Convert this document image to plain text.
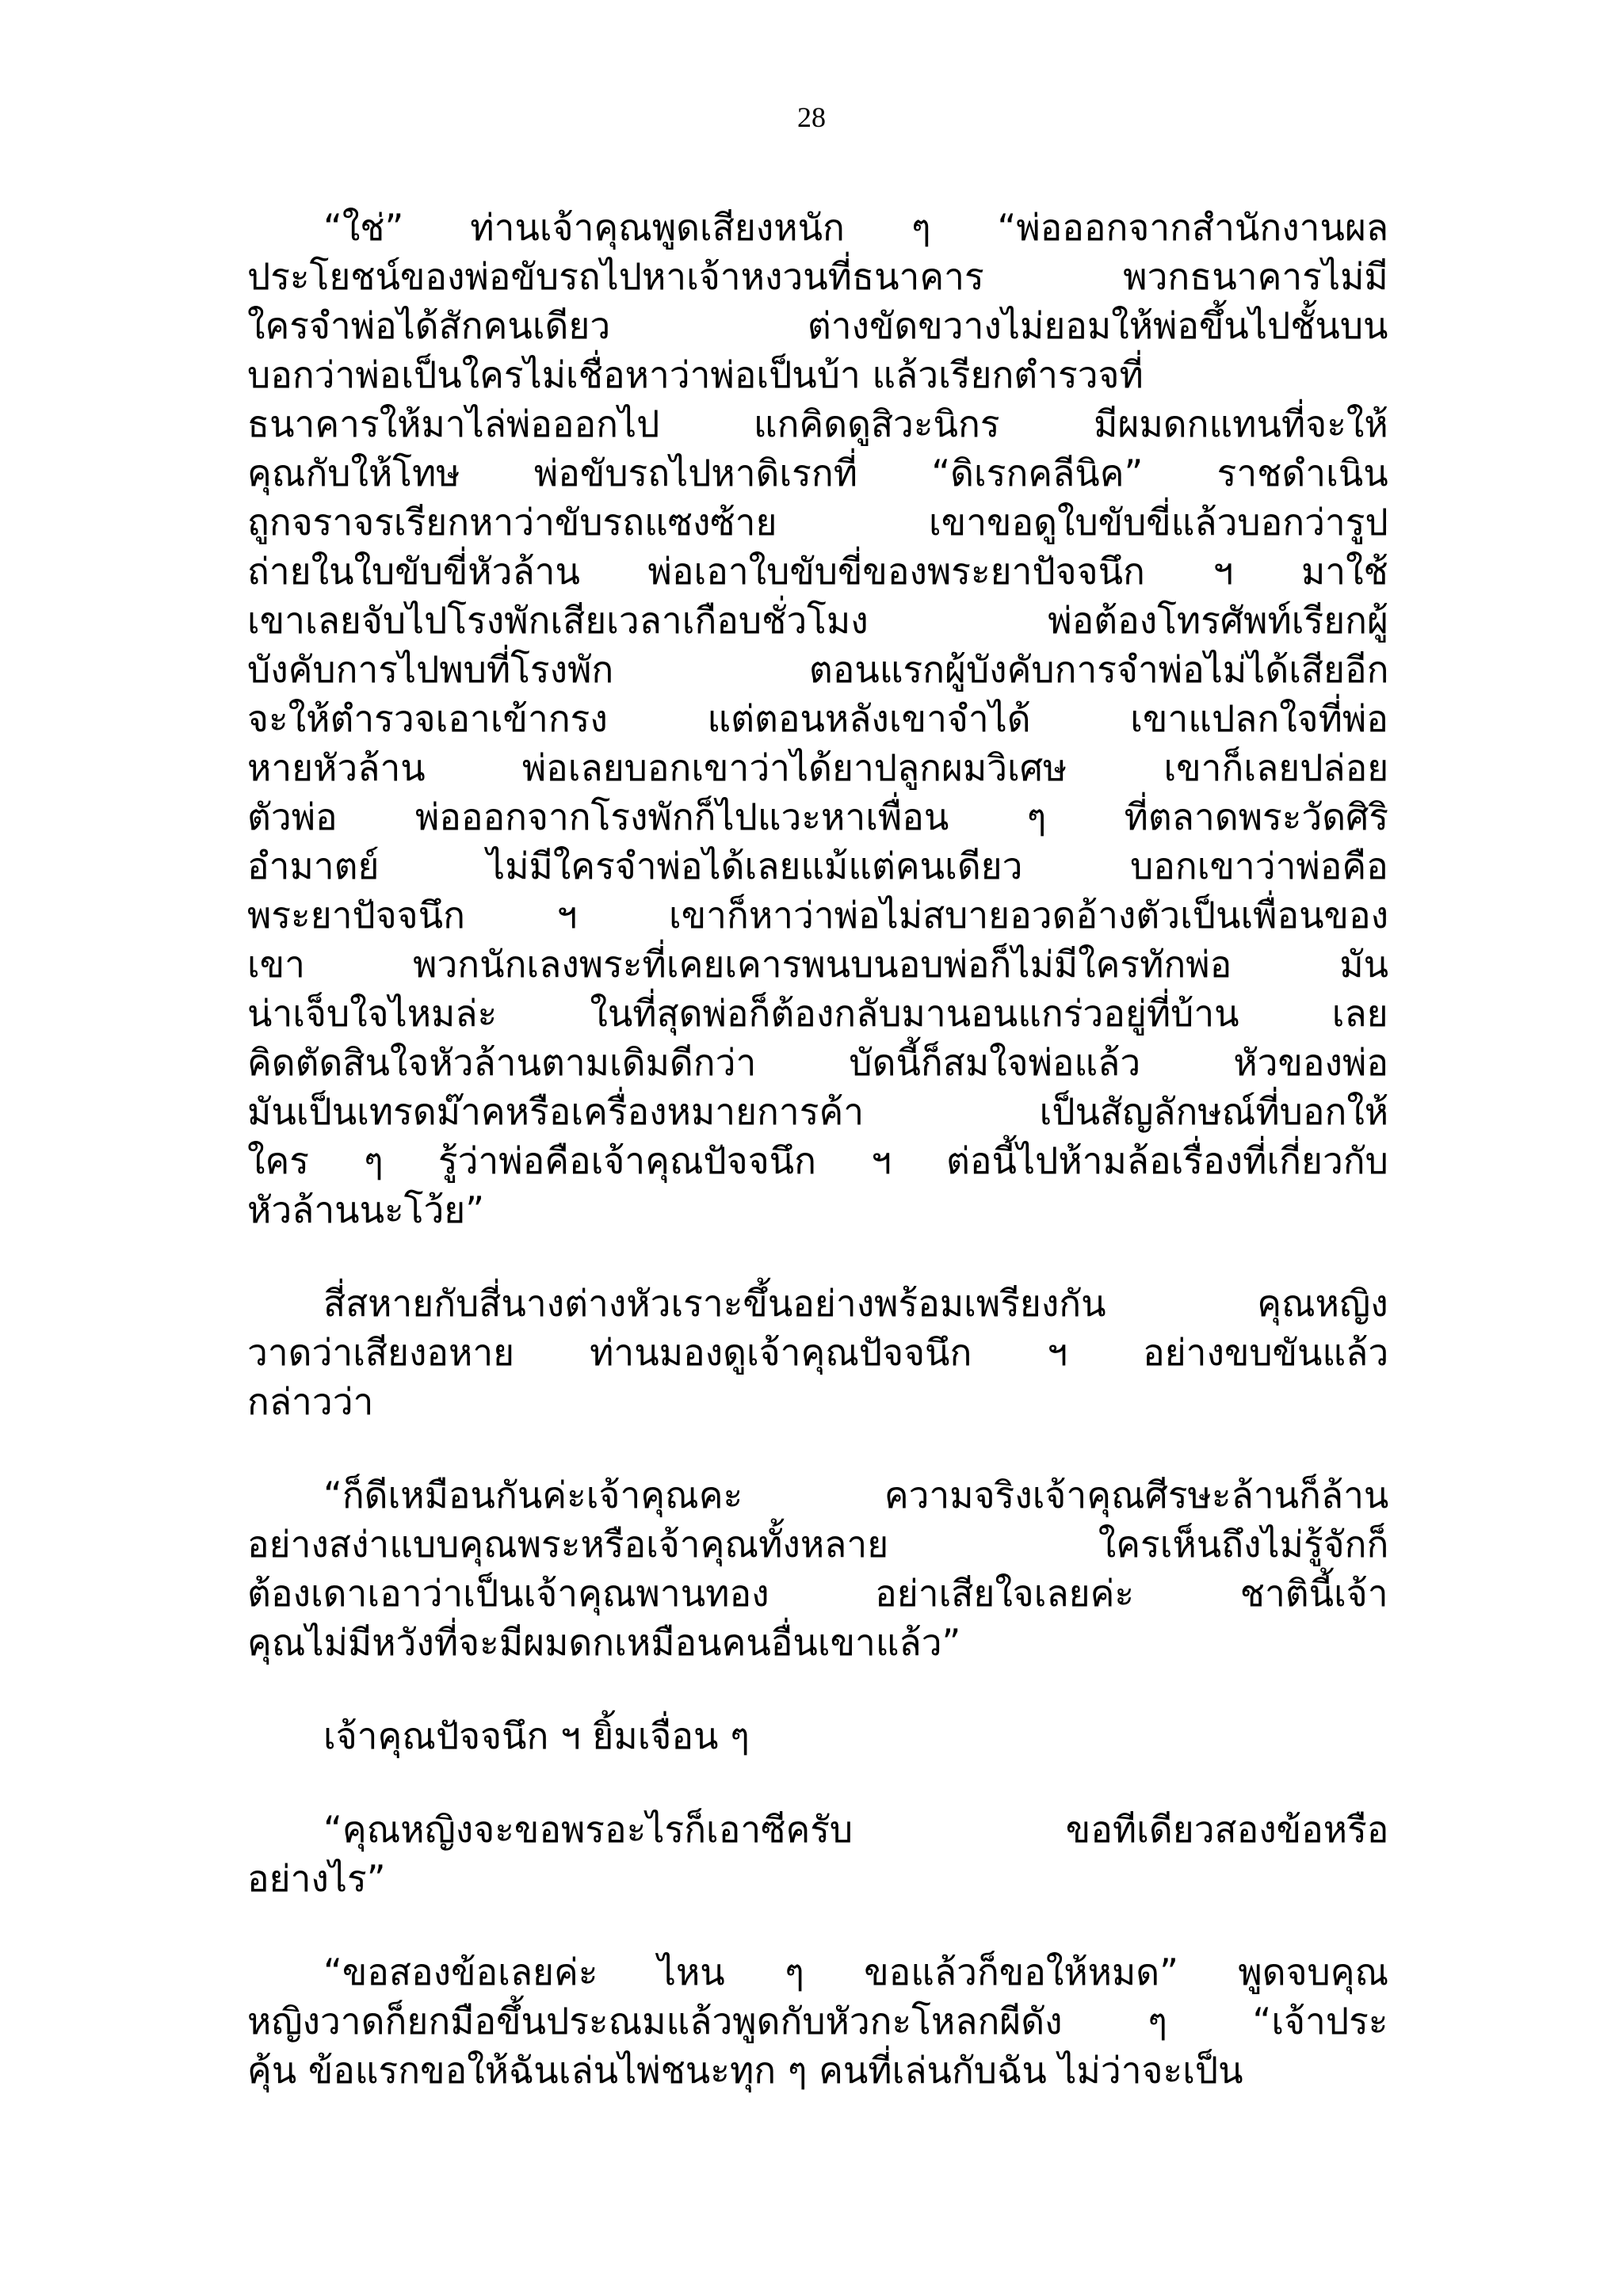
28
“ใช่” ท่านเจ้าคุณพูดเสียงหนัก ๆ “พ่อออกจากสำนักงานผล
ประโยชน์ของพ่อขับรถไปหาเจ้าหงวนที่ธนาคาร พวกธนาคารไม่มี
ใครจำพ่อได้สักคนเดียว ต่างขัดขวางไม่ยอมให้พ่อขึ้นไปชั้นบน
บอกว่าพ่อเป็นใครไม่เชื่อหาว่าพ่อเป็นบ้า แล้วเรียกตำรวจที่
ธนาคารให้มาไล่พ่อออกไป แกคิดดูสิวะนิกร มีผมดกแทนที่จะให้
คุณกับให้โทษ พ่อขับรถไปหาดิเรกที่ “ดิเรกคลีนิค” ราชดำเนิน
ถูกจราจรเรียกหาว่าขับรถแซงซ้าย เขาขอดูใบขับขี่แล้วบอกว่ารูป
ถ่ายในใบขับขี่หัวล้าน พ่อเอาใบขับขี่ของพระยาปัจจนึก ฯ มาใช้
เขาเลยจับไปโรงพักเสียเวลาเกือบชั่วโมง พ่อต้องโทรศัพท์เรียกผู้
บังคับการไปพบที่โรงพัก ตอนแรกผู้บังคับการจำพ่อไม่ได้เสียอีก
จะให้ตำรวจเอาเข้ากรง แต่ตอนหลังเขาจำได้ เขาแปลกใจที่พ่อ
หายหัวล้าน พ่อเลยบอกเขาว่าได้ยาปลูกผมวิเศษ เขาก็เลยปล่อย
ตัวพ่อ พ่อออกจากโรงพักก็ไปแวะหาเพื่อน ๆ ที่ตลาดพระวัดศิริ
อำมาตย์ ไม่มีใครจำพ่อได้เลยแม้แต่คนเดียว บอกเขาว่าพ่อคือ
พระยาปัจจนึก ฯ เขาก็หาว่าพ่อไม่สบายอวดอ้างตัวเป็นเพื่อนของ
เขา พวกนักเลงพระที่เคยเคารพนบนอบพ่อก็ไม่มีใครทักพ่อ มัน
น่าเจ็บใจไหมล่ะ ในที่สุดพ่อก็ต้องกลับมานอนแกร่วอยู่ที่บ้าน เลย
คิดตัดสินใจหัวล้านตามเดิมดีกว่า บัดนี้ก็สมใจพ่อแล้ว หัวของพ่อ
มันเป็นเทรดม๊าคหรือเครื่องหมายการค้า เป็นสัญลักษณ์ที่บอกให้
ใคร ๆ รู้ว่าพ่อคือเจ้าคุณปัจจนึก ฯ ต่อนี้ไปห้ามล้อเรื่องที่เกี่ยวกับ
หัวล้านนะโว้ย”
สี่สหายกับสี่นางต่างหัวเราะขึ้นอย่างพร้อมเพรียงกัน คุณหญิง
วาดว่าเสียงอหาย ท่านมองดูเจ้าคุณปัจจนึก ฯ อย่างขบขันแล้ว
กล่าวว่า
“ก็ดีเหมือนกันค่ะเจ้าคุณคะ ความจริงเจ้าคุณศีรษะล้านก็ล้าน
อย่างสง่าแบบคุณพระหรือเจ้าคุณทั้งหลาย ใครเห็นถึงไม่รู้จักก็
ต้องเดาเอาว่าเป็นเจ้าคุณพานทอง อย่าเสียใจเลยค่ะ ชาตินี้เจ้า
คุณไม่มีหวังที่จะมีผมดกเหมือนคนอื่นเขาแล้ว”
เจ้าคุณปัจจนึก ฯ ยิ้มเจื่อน ๆ
“คุณหญิงจะขอพรอะไรก็เอาซีครับ ขอทีเดียวสองข้อหรือ
อย่างไร”
“ขอสองข้อเลยค่ะ ไหน ๆ ขอแล้วก็ขอให้หมด” พูดจบคุณ
หญิงวาดก็ยกมือขึ้นประณมแล้วพูดกับหัวกะโหลกผีดัง ๆ “เจ้าประ
คุ้น ข้อแรกขอให้ฉันเล่นไพ่ชนะทุก ๆ คนที่เล่นกับฉัน ไม่ว่าจะเป็น
